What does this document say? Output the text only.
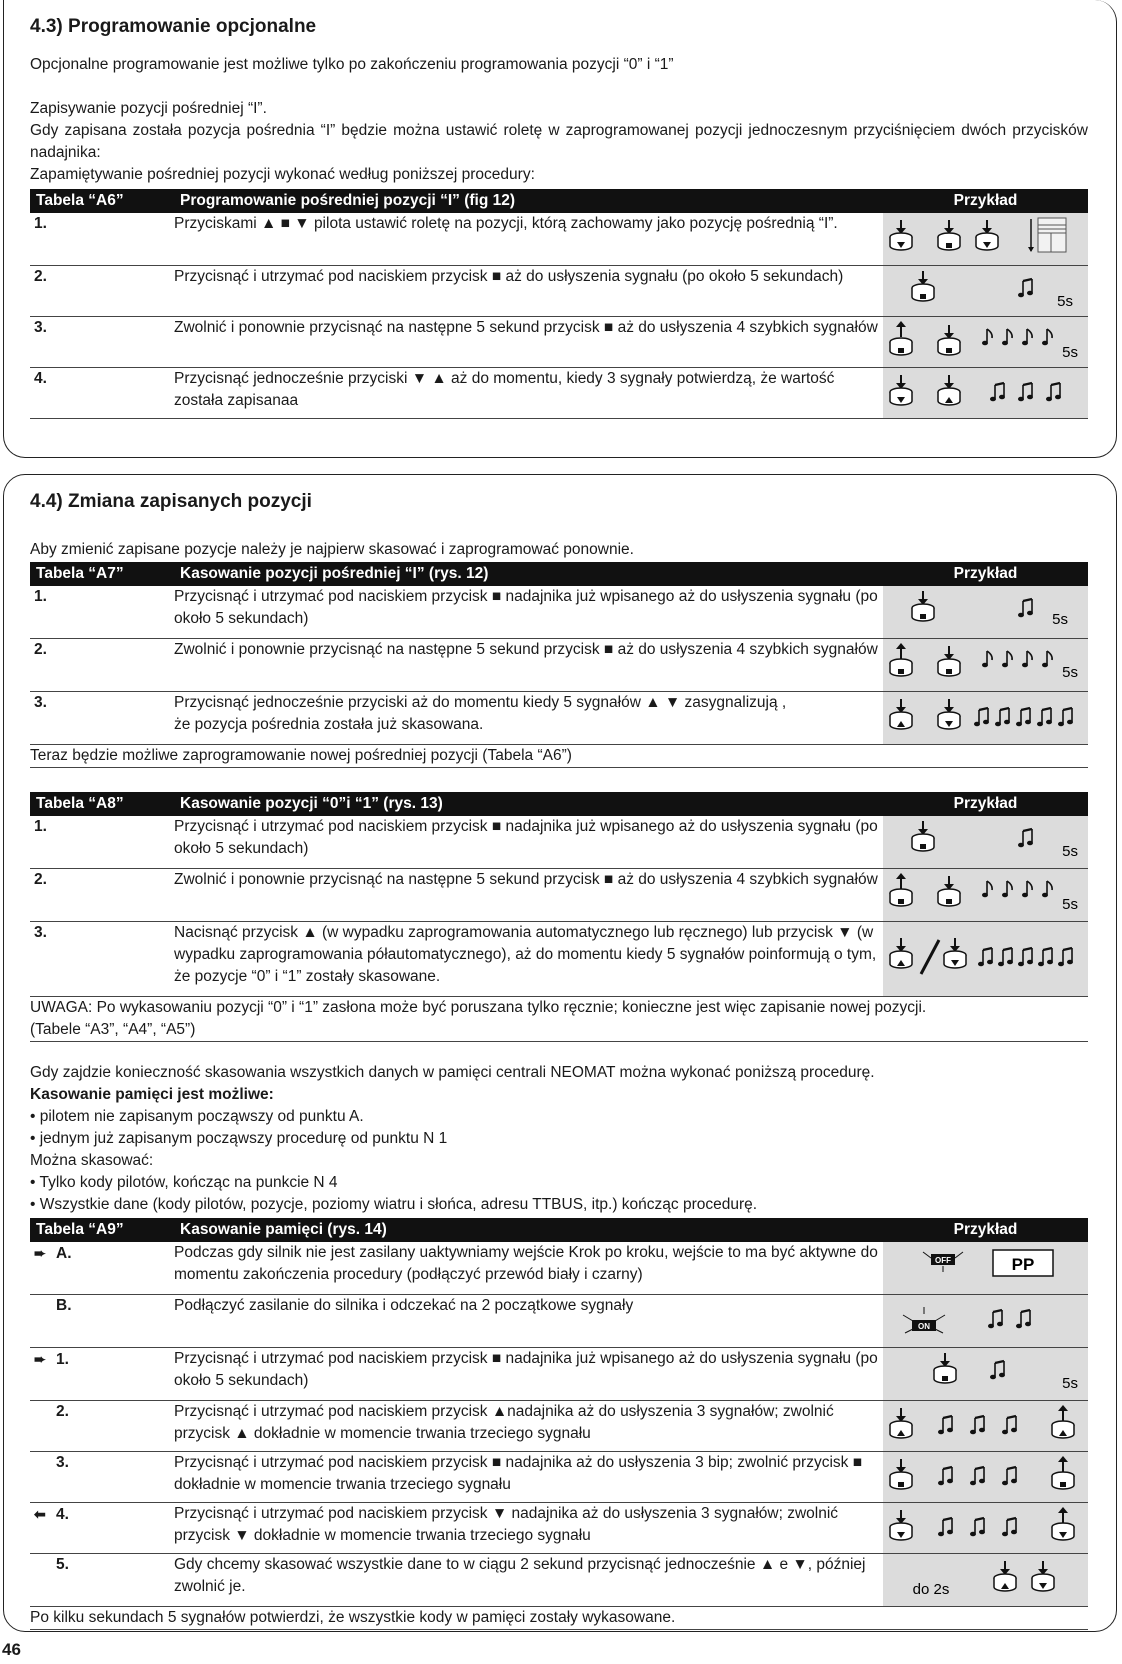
4.3) Programowanie opcjonalne

Opcjonalne programowanie jest możliwe tylko po zakończeniu programowania pozycji “0” i “1”

Zapisywanie pozycji pośredniej “I”.

Gdy zapisana została pozycja pośrednia “I” będzie można ustawić roletę w zaprogramowanej pozycji jednoczesnym przyciśnięciem dwóch przycisków nadajnika:

Zapamiętywanie pośredniej pozycji wykonać według poniższej procedury:

Tabela “A6”	Programowanie pośredniej pozycji “I” (fig 12)	Przykład
1.	Przyciskami ▲ ■ ▼ pilota ustawić roletę na pozycji, którą zachowamy jako pozycję pośrednią “I”.	
2.	Przycisnąć i utrzymać pod naciskiem przycisk ■ aż do usłyszenia sygnału (po około 5 sekundach)	5s

3.	Zwolnić i ponownie przycisnąć na następne 5 sekund przycisk ■ aż do usłyszenia 4 szybkich sygnałów	5s

4.	Przycisnąć jednocześnie przyciski ▼ ▲ aż do momentu, kiedy 3 sygnały potwierdzą, że wartość została zapisanaa	
4.4) Zmiana zapisanych pozycji

Aby zmienić zapisane pozycje należy je najpierw skasować i zaprogramować ponownie.

Tabela “A7”	Kasowanie pozycji pośredniej “I” (rys. 12)	Przykład
1.	Przycisnąć i utrzymać pod naciskiem przycisk ■ nadajnika już wpisanego aż do usłyszenia sygnału (po około 5 sekundach)	5s

2.	Zwolnić i ponownie przycisnąć na następne 5 sekund przycisk ■ aż do usłyszenia 4 szybkich sygnałów	5s

3.	Przycisnąć jednocześnie przyciski aż do momentu kiedy 5 sygnałów ▲ ▼ zasygnalizują ,
że pozycja pośrednia została już skasowana.	
Teraz będzie możliwe zaprogramowanie nowej pośredniej pozycji (Tabela “A6”)		
Tabela “A8”	Kasowanie pozycji “0”i “1” (rys. 13)	Przykład
1.	Przycisnąć i utrzymać pod naciskiem przycisk ■ nadajnika już wpisanego aż do usłyszenia sygnału (po około 5 sekundach)	5s

2.	Zwolnić i ponownie przycisnąć na następne 5 sekund przycisk ■ aż do usłyszenia 4 szybkich sygnałów	5s

3.	Nacisnąć przycisk ▲ (w wypadku zaprogramowania automatycznego lub ręcznego) lub przycisk ▼ (w wypadku zaprogramowania półautomatycznego), aż do momentu kiedy 5 sygnałów poinformują o tym, że pozycje “0” i “1” zostały skasowane.	
UWAGA: Po wykasowaniu pozycji “0” i “1” zasłona może być poruszana tylko ręcznie; konieczne jest więc zapisanie nowej pozycji.
(Tabele “A3”, “A4”, “A5”)		

Gdy zajdzie konieczność skasowania wszystkich danych w pamięci centrali NEOMAT można wykonać poniższą procedurę.

Kasowanie pamięci jest możliwe:

• pilotem nie zapisanym począwszy od punktu A.

• jednym już zapisanym począwszy procedurę od punktu N 1

Można skasować:

• Tylko kody pilotów, kończąc na punkcie N 4

• Wszystkie dane (kody pilotów, pozycje, poziomy wiatru i słońca, adresu TTBUS, itp.) kończąc procedurę.

Tabela “A9”	Kasowanie pamięci (rys. 14)	Przykład
➨ A.	Podczas gdy silnik nie jest zasilany uaktywniamy wejście Krok po kroku, wejście to ma być aktywne do momentu zakończenia procedury (podłączyć przewód biały i czarny)	OFF PP

B.	Podłączyć zasilanie do silnika i odczekać na 2 początkowe sygnały	ON

➨ 1.	Przycisnąć i utrzymać pod naciskiem przycisk ■ nadajnika już wpisanego aż do usłyszenia sygnału (po około 5 sekundach)	5s

2.	Przycisnąć i utrzymać pod naciskiem przycisk ▲nadajnika aż do usłyszenia 3 sygnałów; zwolnić przycisk ▲ dokładnie w momencie trwania trzeciego sygnału	
3.	Przycisnąć i utrzymać pod naciskiem przycisk ■ nadajnika aż do usłyszenia 3 bip; zwolnić przycisk ■ dokładnie w momencie trwania trzeciego sygnału	
⬅ 4.	Przycisnąć i utrzymać pod naciskiem przycisk ▼ nadajnika aż do usłyszenia 3 sygnałów; zwolnić przycisk ▼ dokładnie w momencie trwania trzeciego sygnału	
5.	Gdy chcemy skasować wszystkie dane to w ciągu 2 sekund przycisnąć jednocześnie ▲ e ▼, później zwolnić je.	do 2s

Po kilku sekundach 5 sygnałów potwierdzi, że wszystkie kody w pamięci zostały wykasowane.		
46
